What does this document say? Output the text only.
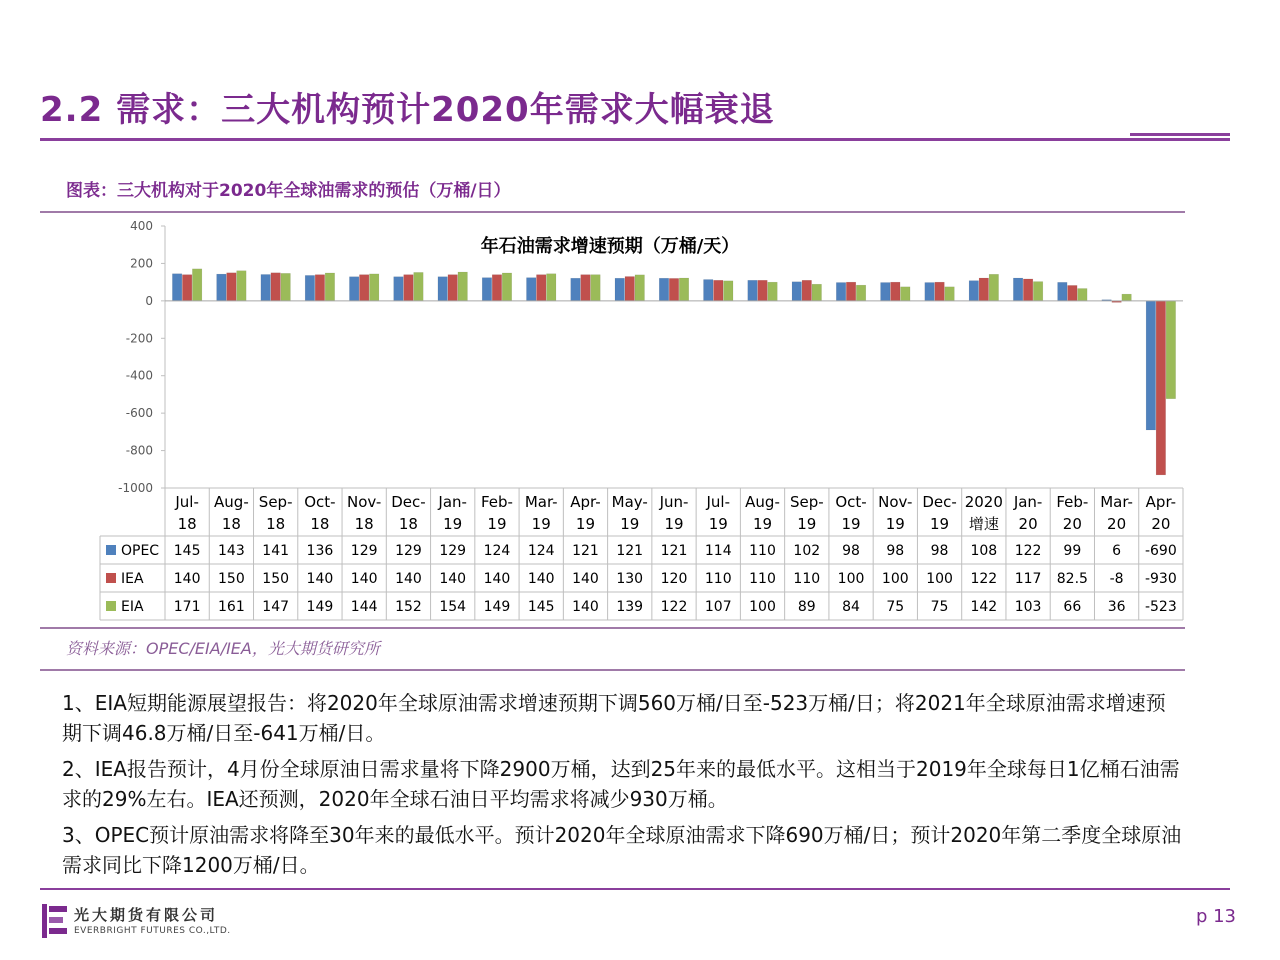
2.2 需求：三大机构预计2020年需求大幅衰退
图表：三大机构对于2020年全球油需求的预估（万桶/日）
400
200
0
-200
-400
-600
-800
-1000
年石油需求增速预期（万桶/天）
Jul-
18
Aug-
18
Sep-
18
Oct-
18
Nov-
18
Dec-
18
Jan-
19
Feb-
19
Mar-
19
Apr-
19
May-
19
Jun-
19
Jul-
19
Aug-
19
Sep-
19
Oct-
19
Nov-
19
Dec-
19
2020
增速
Jan-
20
Feb-
20
Mar-
20
Apr-
20
OPEC 145 143 141 136 129 129 129 124 124 121 121 121 114 110 102 98 98 98 108 122 99 6 -690
IEA 140 150 150 140 140 140 140 140 140 140 130 120 110 110 110 100 100 100 122 117 82.5 -8 -930
EIA 171 161 147 149 144 152 154 149 145 140 139 122 107 100 89 84 75 75 142 103 66 36 -523
资料来源：OPEC/EIA/IEA，光大期货研究所
1、EIA短期能源展望报告：将2020年全球原油需求增速预期下调560万桶/日至-523万桶/日；将2021年全球原油需求增速预期下调46.8万桶/日至-641万桶/日。
2、IEA报告预计，4月份全球原油日需求量将下降2900万桶，达到25年来的最低水平。这相当于2019年全球每日1亿桶石油需求的29%左右。IEA还预测，2020年全球石油日平均需求将减少930万桶。
3、OPEC预计原油需求将降至30年来的最低水平。预计2020年全球原油需求下降690万桶/日；预计2020年第二季度全球原油需求同比下降1200万桶/日。
光大期货有限公司
EVERBRIGHT FUTURES CO.,LTD.
p 13
